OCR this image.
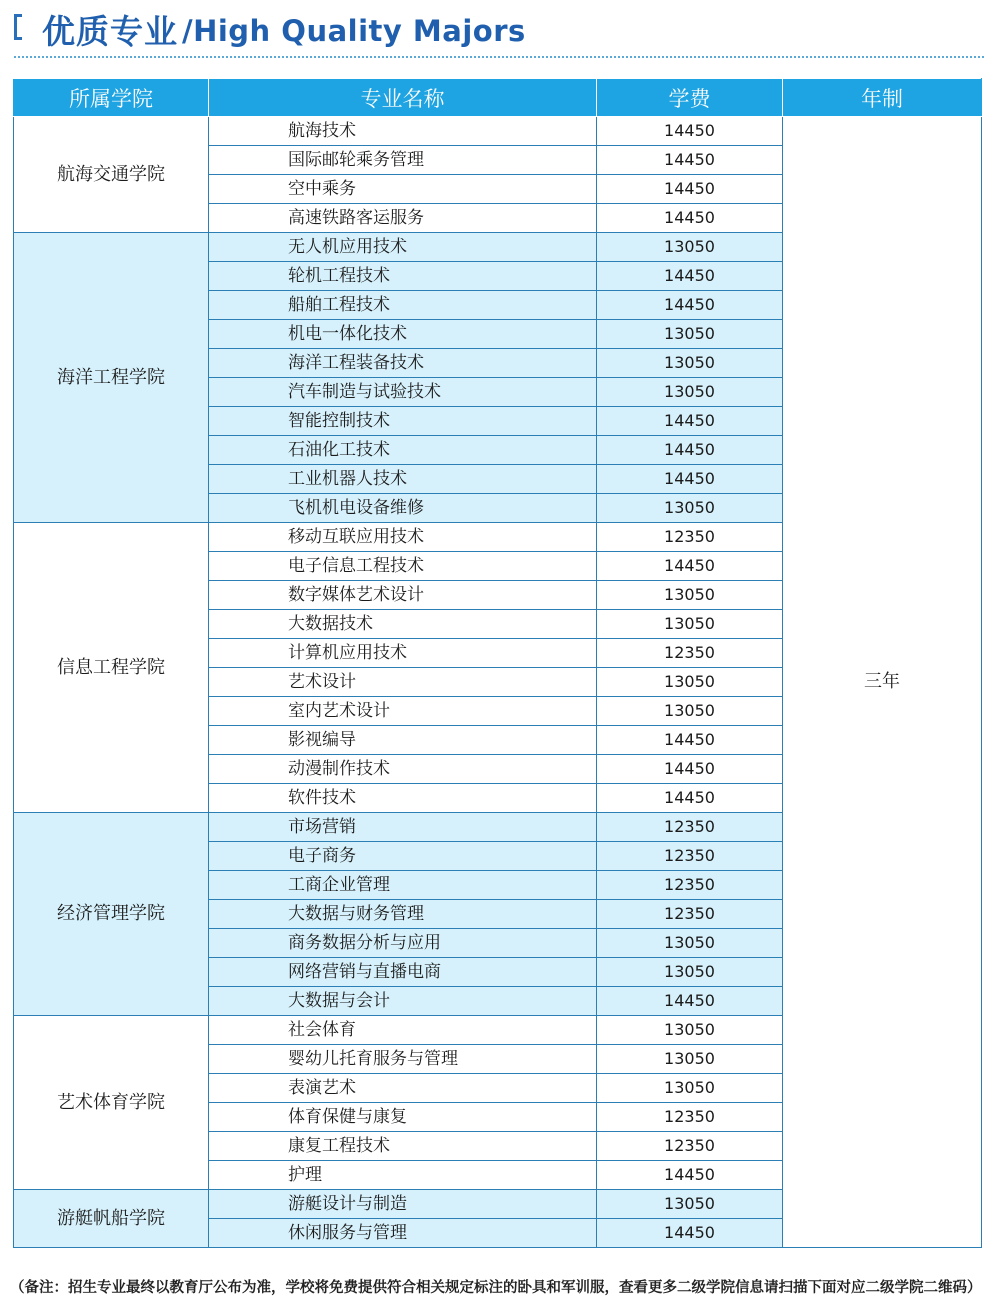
优质专业 /High Quality Majors
所属学院	专业名称	学费	年制
航海交通学院	航海技术	14450	三年
	国际邮轮乘务管理	14450	
	空中乘务	14450	
	高速铁路客运服务	14450	
海洋工程学院	无人机应用技术	13050	
	轮机工程技术	14450	
	船舶工程技术	14450	
	机电一体化技术	13050	
	海洋工程装备技术	13050	
	汽车制造与试验技术	13050	
	智能控制技术	14450	
	石油化工技术	14450	
	工业机器人技术	14450	
	飞机机电设备维修	13050	
信息工程学院	移动互联应用技术	12350	
	电子信息工程技术	14450	
	数字媒体艺术设计	13050	
	大数据技术	13050	
	计算机应用技术	12350	
	艺术设计	13050	
	室内艺术设计	13050	
	影视编导	14450	
	动漫制作技术	14450	
	软件技术	14450	
经济管理学院	市场营销	12350	
	电子商务	12350	
	工商企业管理	12350	
	大数据与财务管理	12350	
	商务数据分析与应用	13050	
	网络营销与直播电商	13050	
	大数据与会计	14450	
艺术体育学院	社会体育	13050	
	婴幼儿托育服务与管理	13050	
	表演艺术	13050	
	体育保健与康复	12350	
	康复工程技术	12350	
	护理	14450	
游艇帆船学院	游艇设计与制造	13050	
	休闲服务与管理	14450	
（备注：招生专业最终以教育厅公布为准，学校将免费提供符合相关规定标注的卧具和军训服，查看更多二级学院信息请扫描下面对应二级学院二维码）
